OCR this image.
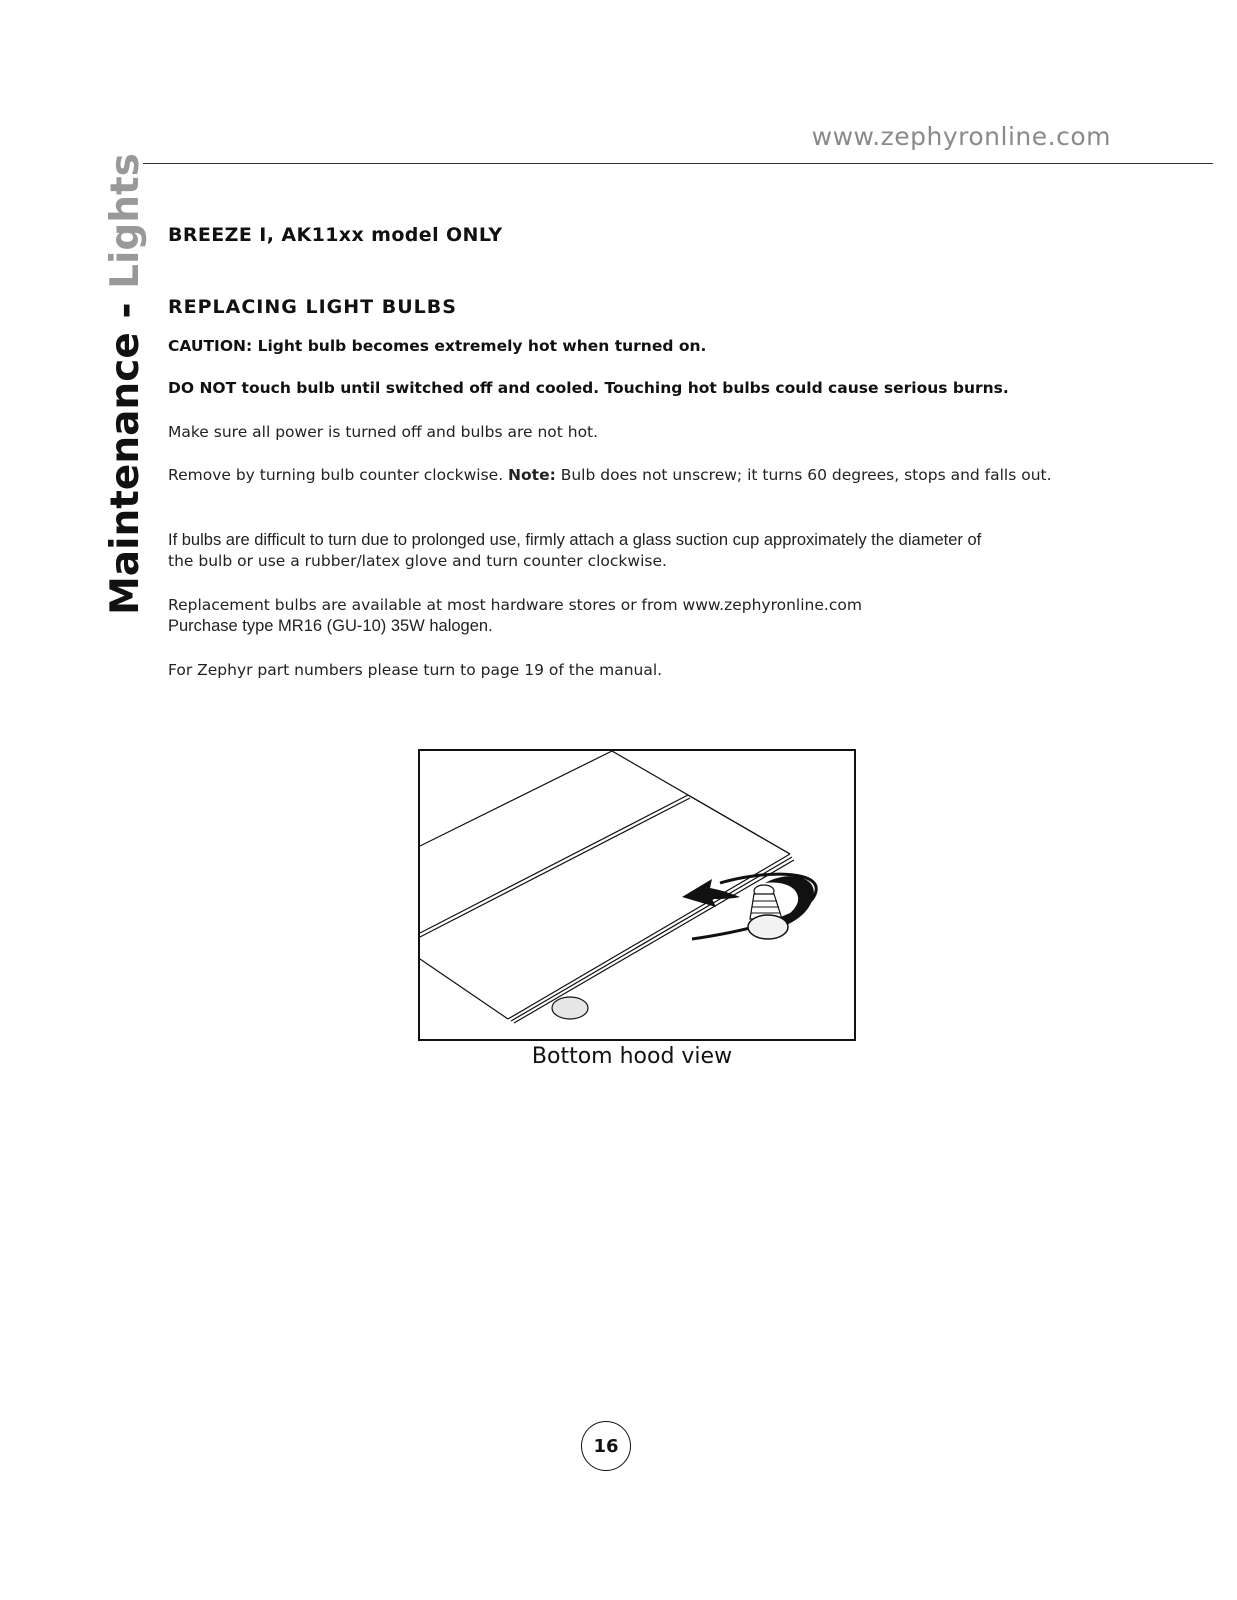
www.zephyronline.com
Maintenance - Lights BREEZE I, AK11xx model ONLY
REPLACING LIGHT BULBS

CAUTION: Light bulb becomes extremely hot when turned on.

DO NOT touch bulb until switched off and cooled. Touching hot bulbs could cause serious burns.

Make sure all power is turned off and bulbs are not hot.

Remove by turning bulb counter clockwise. Note: Bulb does not unscrew; it turns 60 degrees, stops and falls out.

If bulbs are difficult to turn due to prolonged use, firmly attach a glass suction cup approximately the diameter of
the bulb or use a rubber/latex glove and turn counter clockwise.

Replacement bulbs are available at most hardware stores or from www.zephyronline.com
Purchase type MR16 (GU-10) 35W halogen.

For Zephyr part numbers please turn to page 19 of the manual.

Bottom hood view
16
